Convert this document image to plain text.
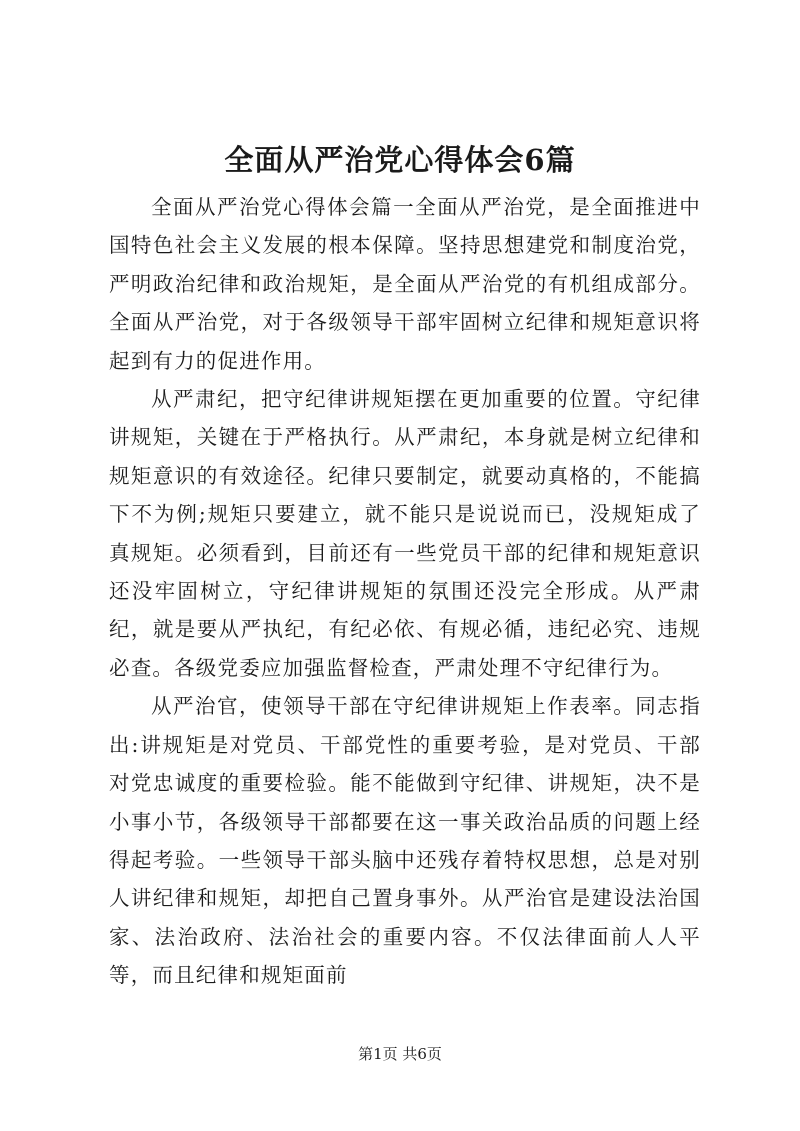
全面从严治党心得体会6篇

全面从严治党心得体会篇一全面从严治党，是全面推进中国特色社会主义发展的根本保障。坚持思想建党和制度治党，严明政治纪律和政治规矩，是全面从严治党的有机组成部分。全面从严治党，对于各级领导干部牢固树立纪律和规矩意识将起到有力的促进作用。

从严肃纪，把守纪律讲规矩摆在更加重要的位置。守纪律讲规矩，关键在于严格执行。从严肃纪，本身就是树立纪律和规矩意识的有效途径。纪律只要制定，就要动真格的，不能搞下不为例;规矩只要建立，就不能只是说说而已，没规矩成了真规矩。必须看到，目前还有一些党员干部的纪律和规矩意识还没牢固树立，守纪律讲规矩的氛围还没完全形成。从严肃纪，就是要从严执纪，有纪必依、有规必循，违纪必究、违规必查。各级党委应加强监督检查，严肃处理不守纪律行为。

从严治官，使领导干部在守纪律讲规矩上作表率。同志指出:讲规矩是对党员、干部党性的重要考验，是对党员、干部对党忠诚度的重要检验。能不能做到守纪律、讲规矩，决不是小事小节，各级领导干部都要在这一事关政治品质的问题上经得起考验。一些领导干部头脑中还残存着特权思想，总是对别人讲纪律和规矩，却把自己置身事外。从严治官是建设法治国家、法治政府、法治社会的重要内容。不仅法律面前人人平等，而且纪律和规矩面前

第1页 共6页
